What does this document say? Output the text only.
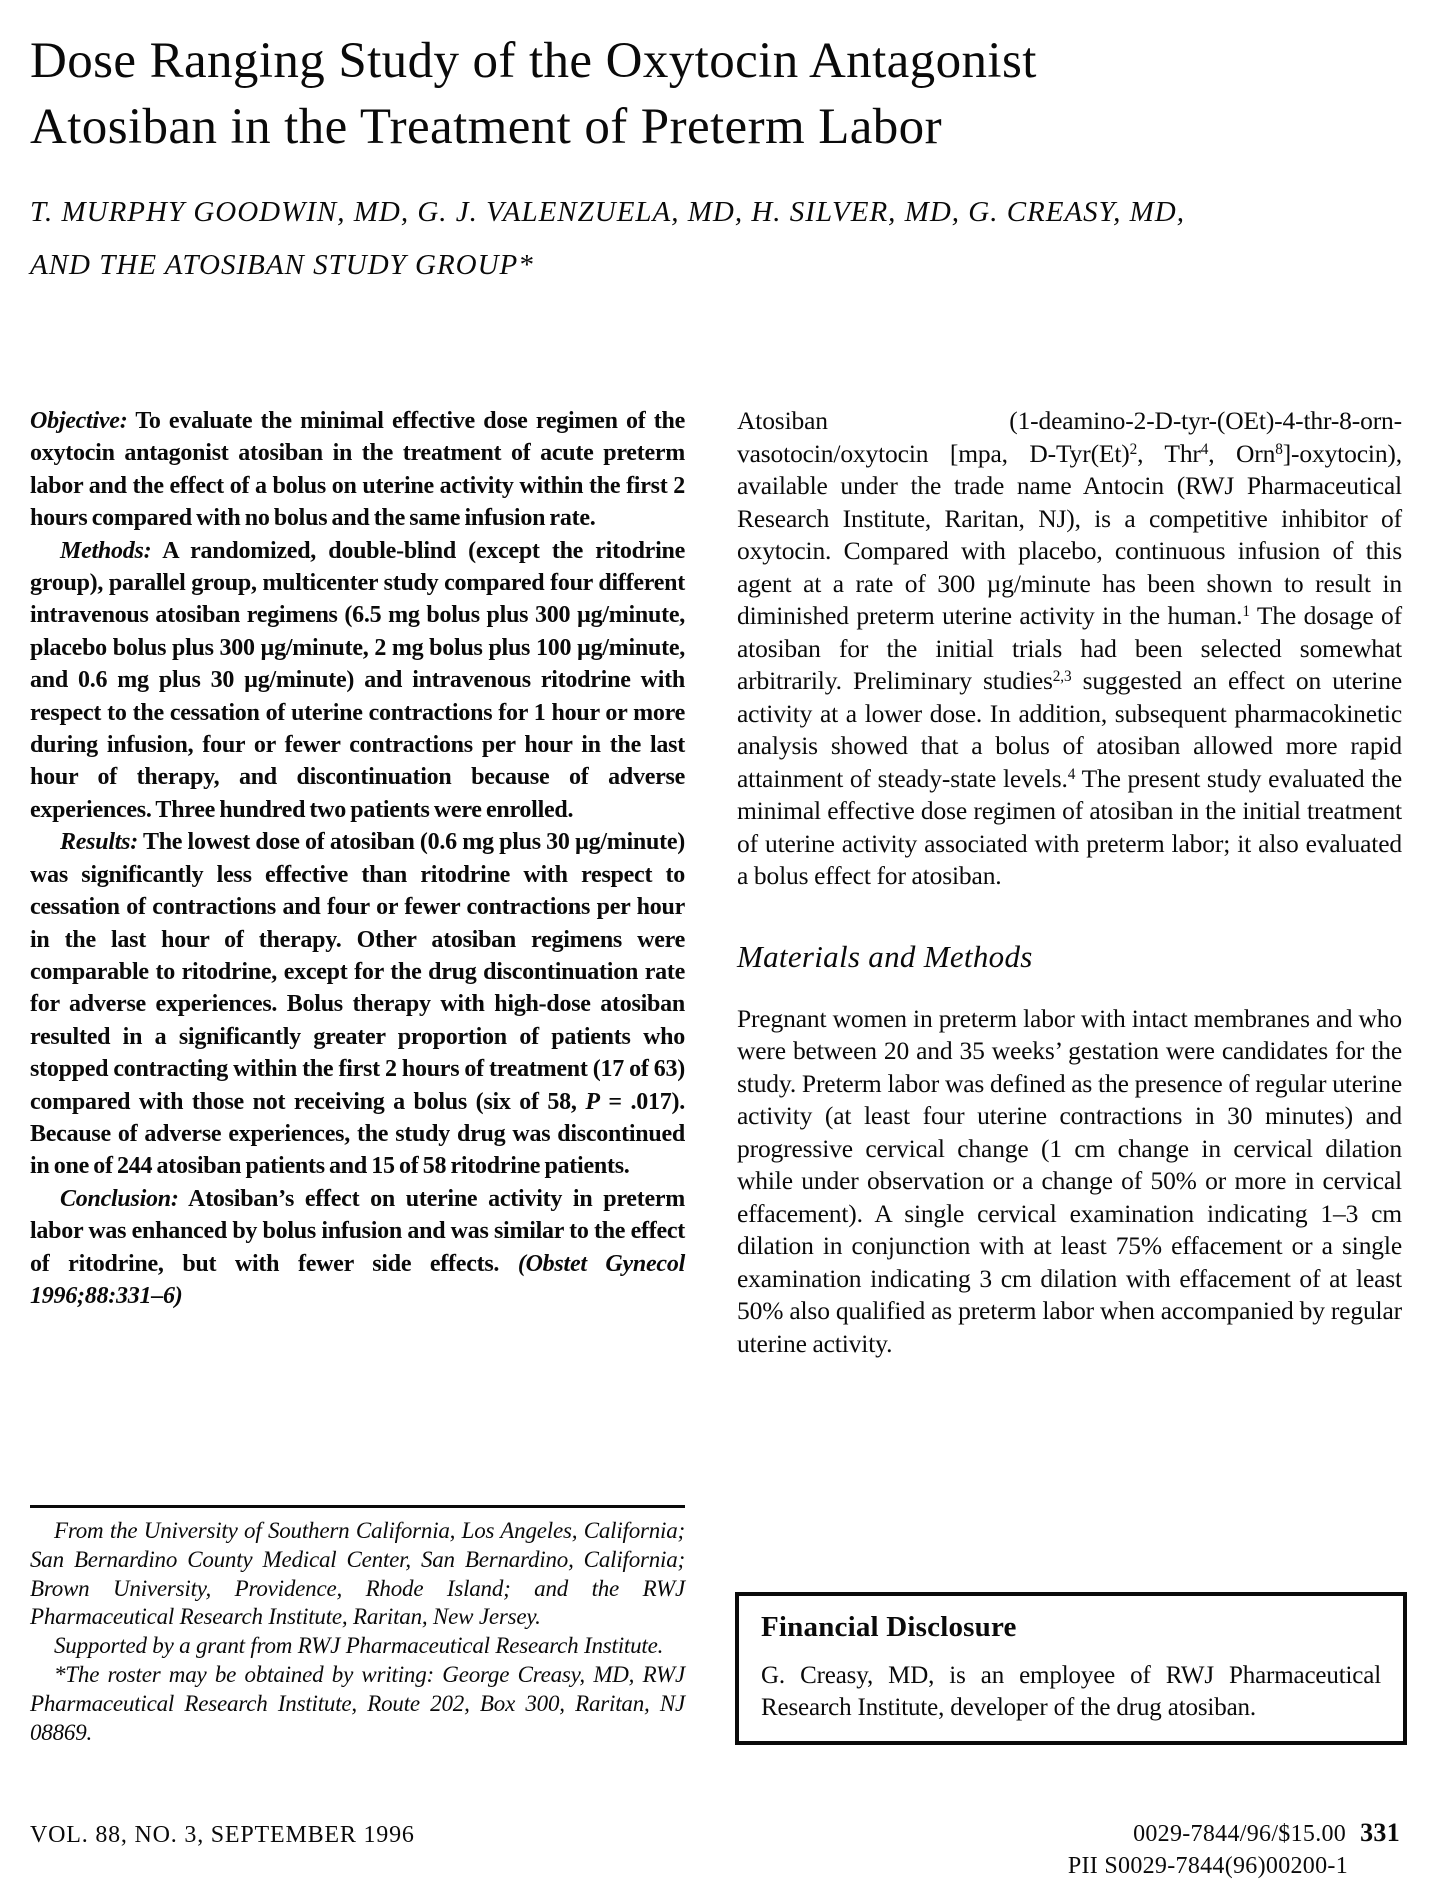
Dose Ranging Study of the Oxytocin Antagonist
Atosiban in the Treatment of Preterm Labor
T. MURPHY GOODWIN, MD, G. J. VALENZUELA, MD, H. SILVER, MD, G. CREASY, MD,
AND THE ATOSIBAN STUDY GROUP*

Objective: To evaluate the minimal effective dose regimen of the oxytocin antagonist atosiban in the treatment of acute preterm labor and the effect of a bolus on uterine activity within the first 2 hours compared with no bolus and the same infusion rate.

Methods: A randomized, double-blind (except the ritodrine group), parallel group, multicenter study compared four different intravenous atosiban regimens (6.5 mg bolus plus 300 µg/minute, placebo bolus plus 300 µg/minute, 2 mg bolus plus 100 µg/minute, and 0.6 mg plus 30 µg/minute) and intravenous ritodrine with respect to the cessation of uterine contractions for 1 hour or more during infusion, four or fewer contractions per hour in the last hour of therapy, and discontinuation because of adverse experiences. Three hundred two patients were enrolled.

Results: The lowest dose of atosiban (0.6 mg plus 30 µg/minute) was significantly less effective than ritodrine with respect to cessation of contractions and four or fewer contractions per hour in the last hour of therapy. Other atosiban regimens were comparable to ritodrine, except for the drug discontinuation rate for adverse experiences. Bolus therapy with high-dose atosiban resulted in a significantly greater proportion of patients who stopped contracting within the first 2 hours of treatment (17 of 63) compared with those not receiving a bolus (six of 58, P = .017). Because of adverse experiences, the study drug was discontinued in one of 244 atosiban patients and 15 of 58 ritodrine patients.

Conclusion: Atosiban’s effect on uterine activity in preterm labor was enhanced by bolus infusion and was similar to the effect of ritodrine, but with fewer side effects. (Obstet Gynecol 1996;88:331–6)

Atosiban (1-deamino-2-D-tyr-(OEt)-4-thr-8-orn-vasotocin/oxytocin [mpa, $D-Tyr(Et)^2$, Thr$^4$, Orn$^8$]-oxytocin), available under the trade name Antocin (RWJ Pharmaceutical Research Institute, Raritan, NJ), is a competitive inhibitor of oxytocin. Compared with placebo, continuous infusion of this agent at a rate of 300 µg/minute has been shown to result in diminished preterm uterine activity in the human.$^1$ The dosage of atosiban for the initial trials had been selected somewhat arbitrarily. Preliminary studies$^{2,3}$ suggested an effect on uterine activity at a lower dose. In addition, subsequent pharmacokinetic analysis showed that a bolus of atosiban allowed more rapid attainment of steady-state levels.$^4$ The present study evaluated the minimal effective dose regimen of atosiban in the initial treatment of uterine activity associated with preterm labor; it also evaluated a bolus effect for atosiban.

Materials and Methods

Pregnant women in preterm labor with intact membranes and who were between 20 and 35 weeks’ gestation were candidates for the study. Preterm labor was defined as the presence of regular uterine activity (at least four uterine contractions in 30 minutes) and progressive cervical change (1 cm change in cervical dilation while under observation or a change of 50% or more in cervical effacement). A single cervical examination indicating 1–3 cm dilation in conjunction with at least 75% effacement or a single examination indicating 3 cm dilation with effacement of at least 50% also qualified as preterm labor when accompanied by regular uterine activity.

From the University of Southern California, Los Angeles, California; San Bernardino County Medical Center, San Bernardino, California; Brown University, Providence, Rhode Island; and the RWJ Pharmaceutical Research Institute, Raritan, New Jersey.

Supported by a grant from RWJ Pharmaceutical Research Institute.

*The roster may be obtained by writing: George Creasy, MD, RWJ Pharmaceutical Research Institute, Route 202, Box 300, Raritan, NJ 08869.

Financial Disclosure

G. Creasy, MD, is an employee of RWJ Pharmaceutical Research Institute, developer of the drug atosiban.

VOL. 88, NO. 3, SEPTEMBER 1996	0029-7844/96/$15.00 331
PII S0029-7844(96)00200-1
